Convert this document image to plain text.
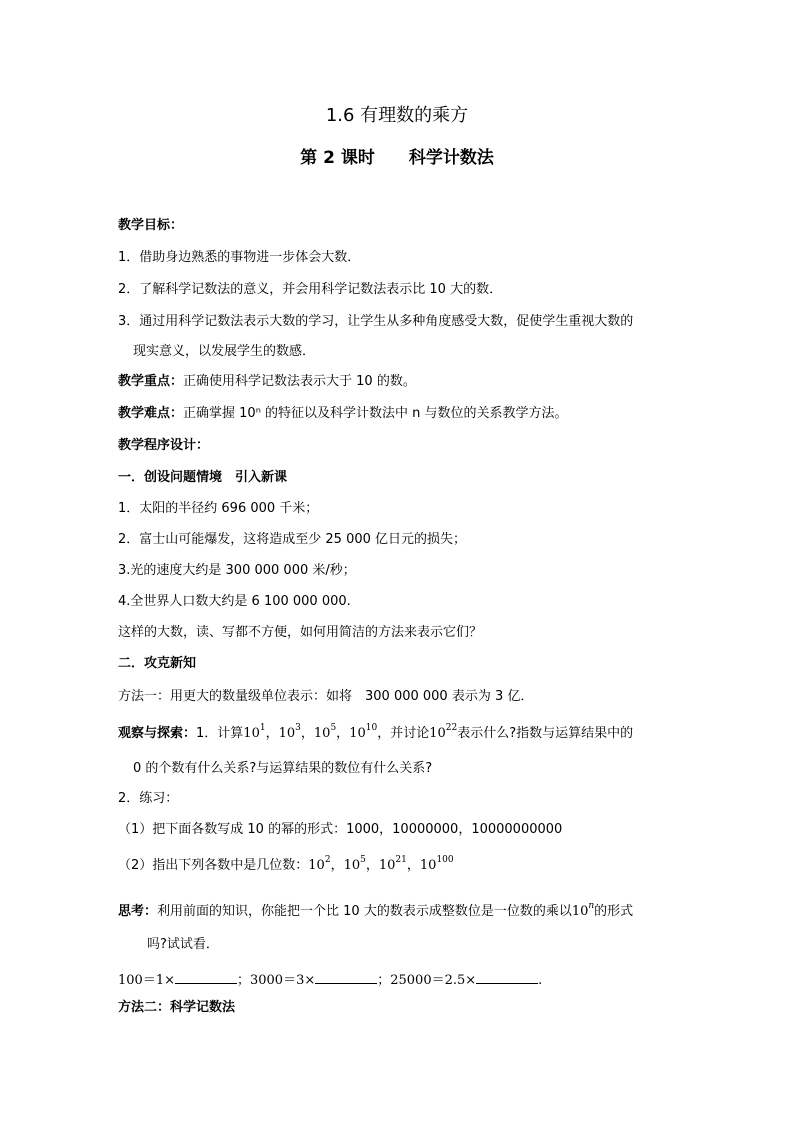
1.6 有理数的乘方
第 2 课时 科学计数法
教学目标：
1．借助身边熟悉的事物进一步体会大数．
2．了解科学记数法的意义，并会用科学记数法表示比 10 大的数．
3．通过用科学记数法表示大数的学习，让学生从多种角度感受大数，促使学生重视大数的
现实意义，以发展学生的数感．
教学重点：正确使用科学记数法表示大于 10 的数。
教学难点：正确掌握 10ⁿ 的特征以及科学计数法中 n 与数位的关系教学方法。
教学程序设计：
一．创设问题情境　引入新课
1．太阳的半径约 696 000 千米；
2．富士山可能爆发，这将造成至少 25 000 亿日元的损失；
3.光的速度大约是 300 000 000 米/秒；
4.全世界人口数大约是 6 100 000 000.
这样的大数，读、写都不方便，如何用简洁的方法来表示它们？
二．攻克新知
方法一：用更大的数量级单位表示：如将　300 000 000 表示为 3 亿．
观察与探索：1．计算$10^1$，$10^3$，$10^5$，$10^{10}$，并讨论$10^{22}$表示什么?指数与运算结果中的
0 的个数有什么关系?与运算结果的数位有什么关系?
2．练习：
（1）把下面各数写成 10 的幂的形式：1000，10000000，10000000000
（2）指出下列各数中是几位数：$10^2$，$10^5$，$10^{21}$，$10^{100}$
思考：利用前面的知识，你能把一个比 10 大的数表示成整数位是一位数的乘以10$^n$的形式
吗?试试看．
100＝1×	；3000＝3×	；25000＝2.5×	.
方法二：科学记数法
